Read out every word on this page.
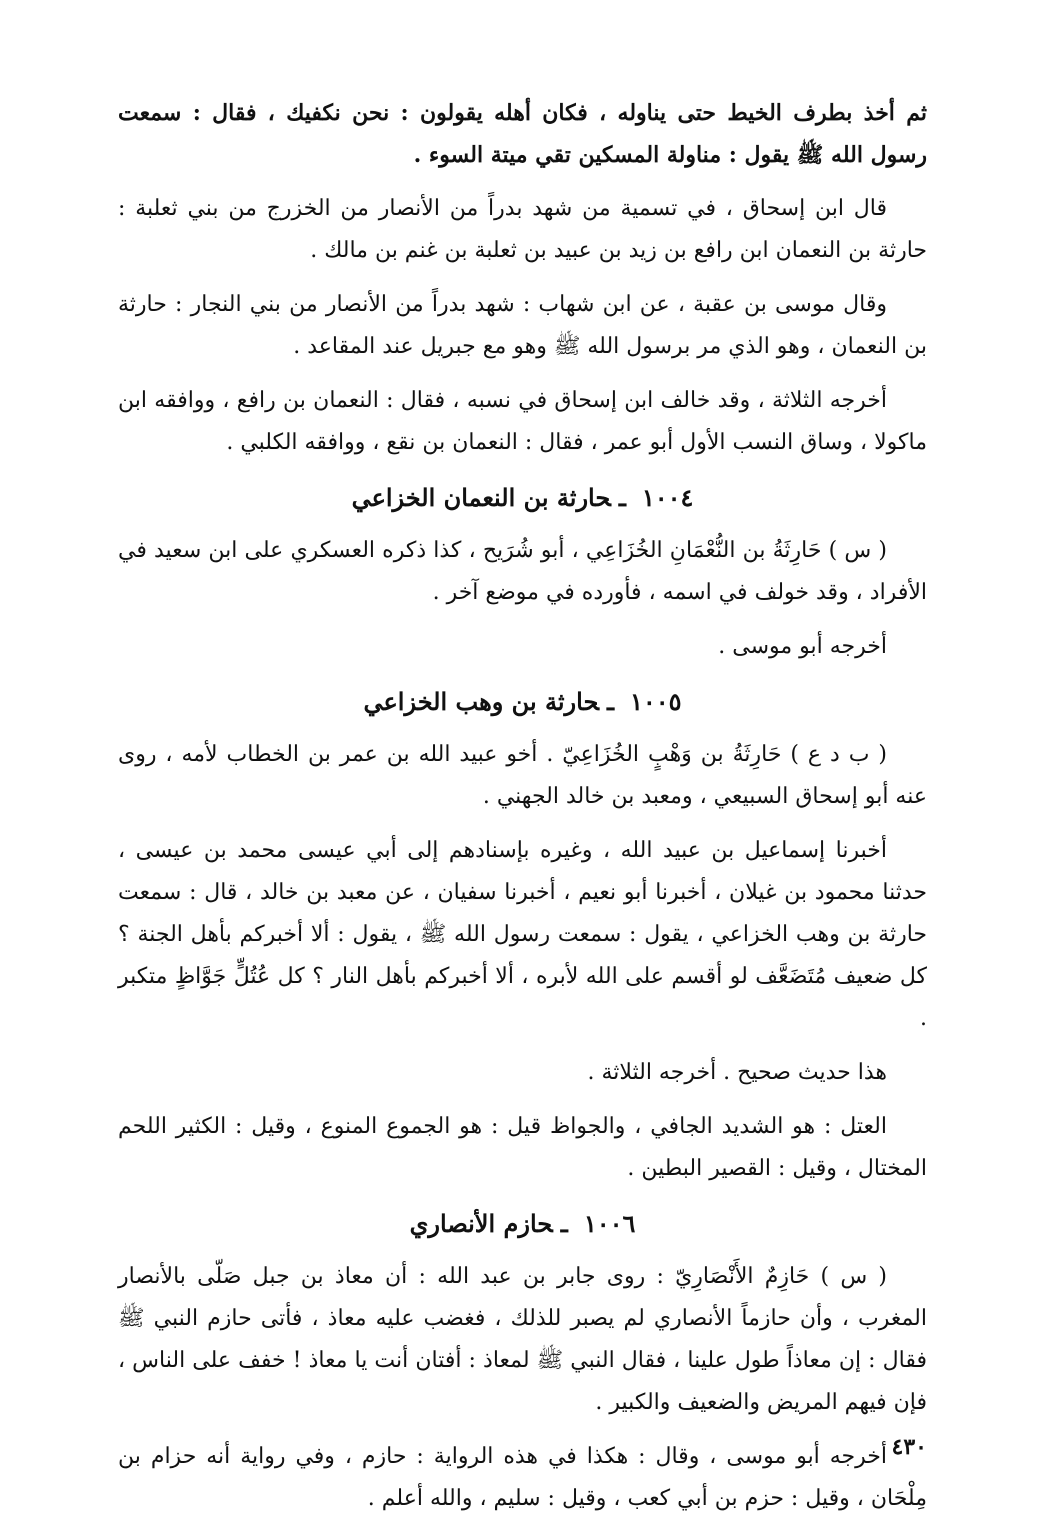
ثم أخذ بطرف الخيط حتى يناوله ، فكان أهله يقولون : نحن نكفيك ، فقال : سمعت رسول الله ﷺ يقول : مناولة المسكين تقي ميتة السوء .

قال ابن إسحاق ، في تسمية من شهد بدراً من الأنصار من الخزرج من بني ثعلبة : حارثة بن النعمان ابن رافع بن زيد بن عبيد بن ثعلبة بن غنم بن مالك .

وقال موسى بن عقبة ، عن ابن شهاب : شهد بدراً من الأنصار من بني النجار : حارثة بن النعمان ، وهو الذي مر برسول الله ﷺ وهو مع جبريل عند المقاعد .

أخرجه الثلاثة ، وقد خالف ابن إسحاق في نسبه ، فقال : النعمان بن رافع ، ووافقه ابن ماكولا ، وساق النسب الأول أبو عمر ، فقال : النعمان بن نقع ، ووافقه الكلبي .

١٠٠٤ـحارثة بن النعمان الخزاعي

( س ) حَارِثَةُ بن النُّعْمَانِ الخُزَاعِي ، أبو شُرَيح ، كذا ذكره العسكري على ابن سعيد في الأفراد ، وقد خولف في اسمه ، فأورده في موضع آخر .

أخرجه أبو موسى .

١٠٠٥ـحارثة بن وهب الخزاعي

( ب د ع ) حَارِثَةُ بن وَهْبٍ الخُزَاعِيّ . أخو عبيد الله بن عمر بن الخطاب لأمه ، روى عنه أبو إسحاق السبيعي ، ومعبد بن خالد الجهني .

أخبرنا إسماعيل بن عبيد الله ، وغيره بإسنادهم إلى أبي عيسى محمد بن عيسى ، حدثنا محمود بن غيلان ، أخبرنا أبو نعيم ، أخبرنا سفيان ، عن معبد بن خالد ، قال : سمعت حارثة بن وهب الخزاعي ، يقول : سمعت رسول الله ﷺ ، يقول : ألا أخبركم بأهل الجنة ؟ كل ضعيف مُتَضَعَّف لو أقسم على الله لأبره ، ألا أخبركم بأهل النار ؟ كل عُتُلٍّ جَوَّاظٍ متكبر .

هذا حديث صحيح . أخرجه الثلاثة .

العتل : هو الشديد الجافي ، والجواظ قيل : هو الجموع المنوع ، وقيل : الكثير اللحم المختال ، وقيل : القصير البطين .

١٠٠٦ـحازم الأنصاري

( س ) حَازِمٌ الأَنْصَارِيّ : روى جابر بن عبد الله : أن معاذ بن جبل صَلّى بالأنصار المغرب ، وأن حازماً الأنصاري لم يصبر للذلك ، فغضب عليه معاذ ، فأتى حازم النبي ﷺ فقال : إن معاذاً طول علينا ، فقال النبي ﷺ لمعاذ : أفتان أنت يا معاذ ! خفف على الناس ، فإن فيهم المريض والضعيف والكبير .

أخرجه أبو موسى ، وقال : هكذا في هذه الرواية : حازم ، وفي رواية أنه حزام بن مِلْحَان ، وقيل : حزم بن أبي كعب ، وقيل : سليم ، والله أعلم .

٤٣٠
